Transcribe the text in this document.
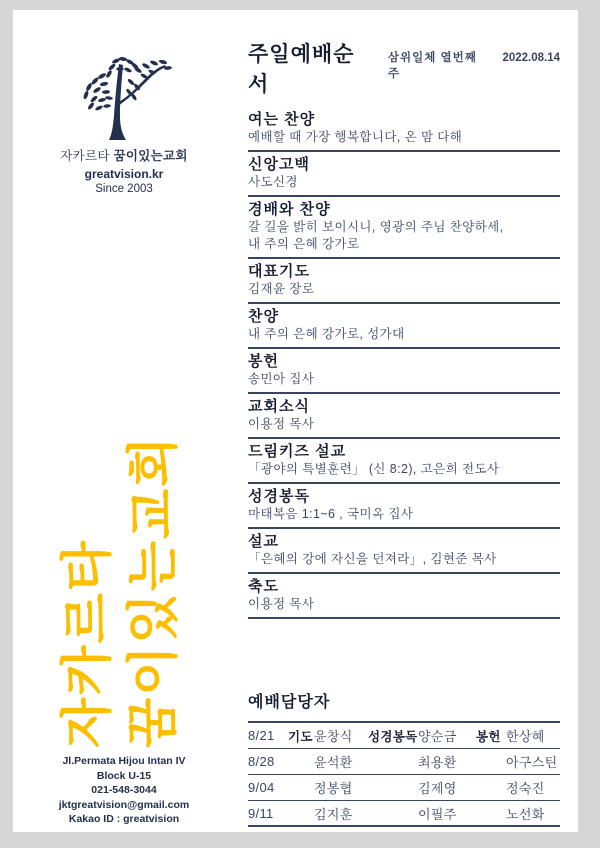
자카르타 꿈이있는교회
greatvision.kr
Since 2003
자카르타 꿈이있는교회
Jl.Permata Hijou Intan IV
Block U-15
021-548-3044
jktgreatvision@gmail.com
Kakao ID : greatvision
주일예배순서
삼위일체 열번째 주
2022.08.14
여는 찬양
예배할 때 가장 행복합니다, 온 맘 다해
신앙고백
사도신경
경배와 찬양
갈 길을 밝히 보이시니, 영광의 주님 찬양하세,
내 주의 은혜 강가로
대표기도
김재윤 장로
찬양
내 주의 은혜 강가로, 성가대
봉헌
송민아 집사
교회소식
이용정 목사
드림키즈 설교
「광야의 특별훈련」 (신 8:2), 고은희 전도사
성경봉독
마태복음 1:1~6 , 국미옥 집사
설교
「은혜의 강에 자신을 던져라」, 김현준 목사
축도
이용정 목사
예배담당자
8/21	기도 윤창식	성경봉독 양순금	봉헌 한상혜
8/28	윤석환	최용환	아구스틴
9/04	정봉협	김제영	정숙진
9/11	김지훈	이필주	노선화
